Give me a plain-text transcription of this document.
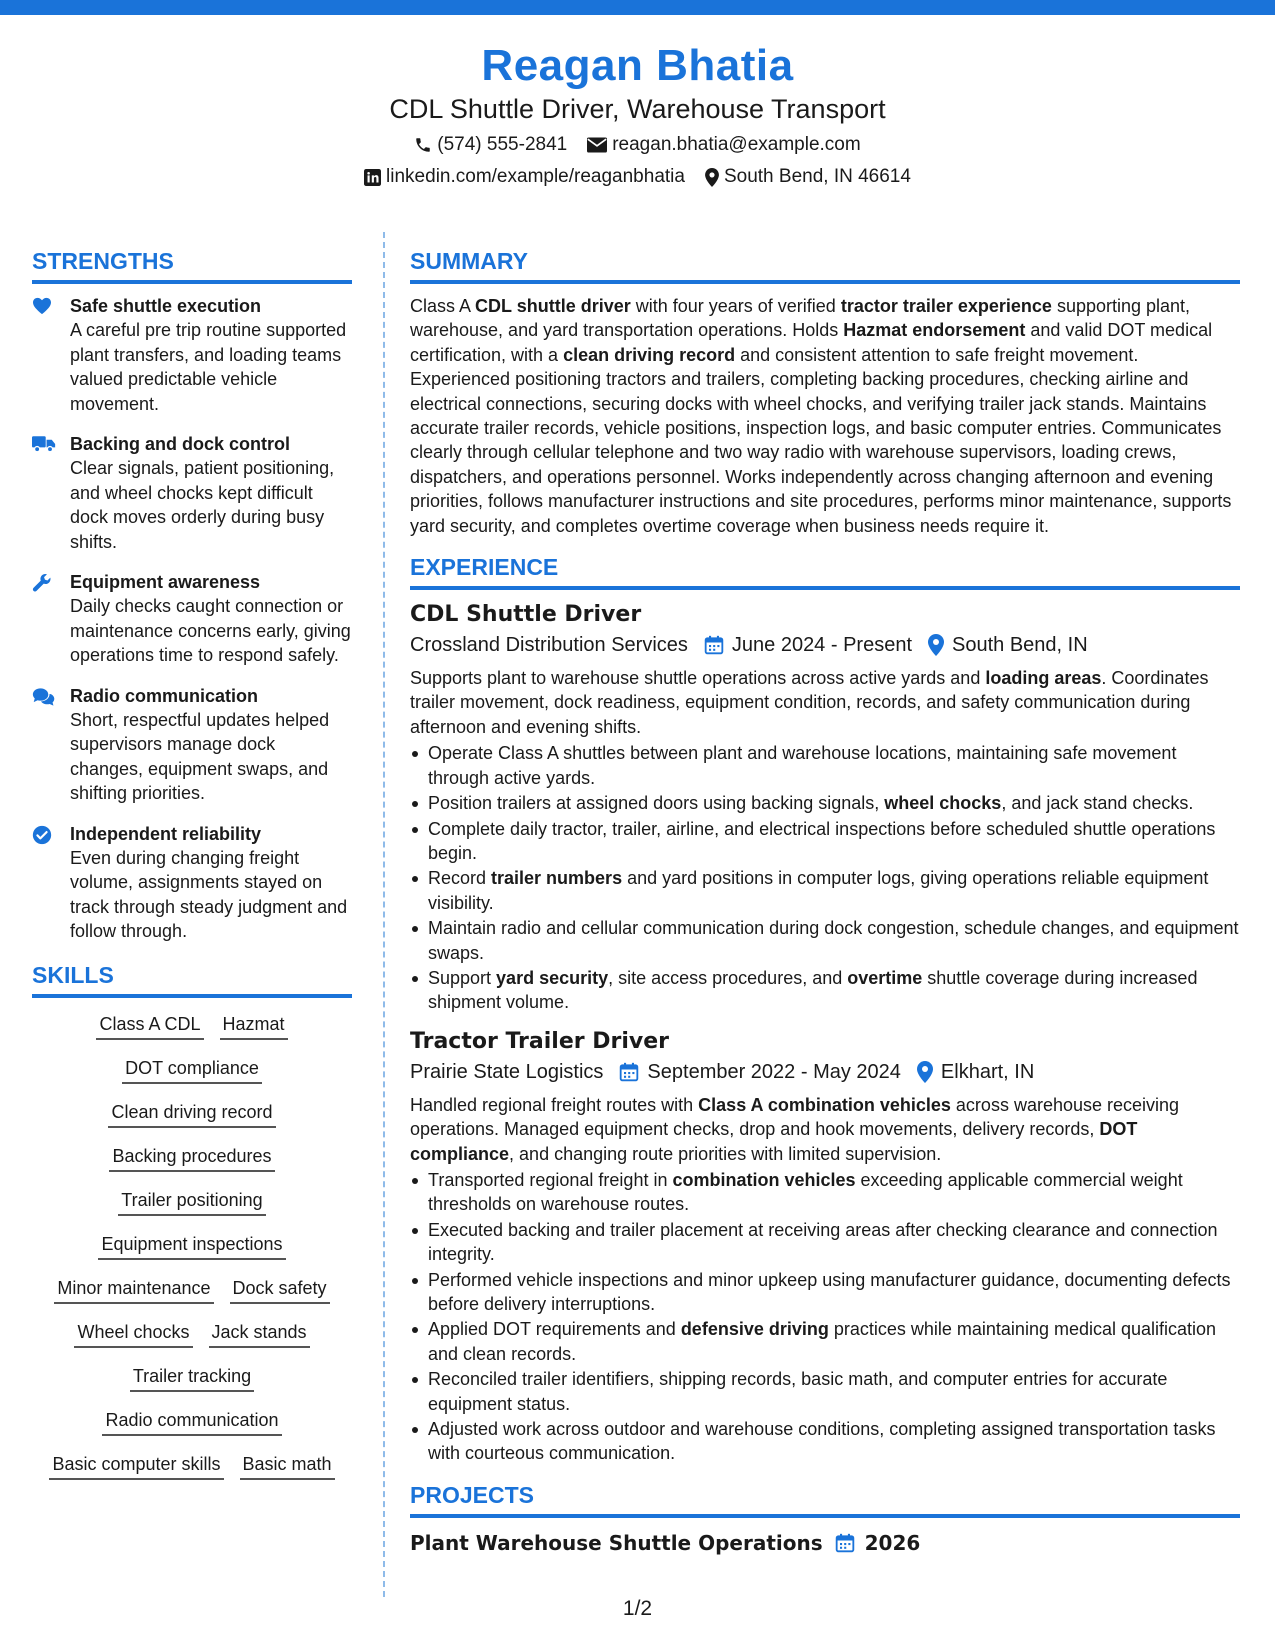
Reagan Bhatia
CDL Shuttle Driver, Warehouse Transport
(574) 555-2841 reagan.bhatia@example.com
linkedin.com/example/reaganbhatia South Bend, IN 46614
STRENGTHS
Safe shuttle execution
A careful pre trip routine supported plant transfers, and loading teams valued predictable vehicle movement.
Backing and dock control
Clear signals, patient positioning, and wheel chocks kept difficult dock moves orderly during busy shifts.
Equipment awareness
Daily checks caught connection or maintenance concerns early, giving operations time to respond safely.
Radio communication
Short, respectful updates helped supervisors manage dock changes, equipment swaps, and shifting priorities.
Independent reliability
Even during changing freight volume, assignments stayed on track through steady judgment and follow through.
SKILLS
Class A CDL Hazmat
DOT compliance
Clean driving record
Backing procedures
Trailer positioning
Equipment inspections
Minor maintenance Dock safety
Wheel chocks Jack stands
Trailer tracking
Radio communication
Basic computer skills Basic math
SUMMARY
Class A CDL shuttle driver with four years of verified tractor trailer experience supporting plant, warehouse, and yard transportation operations. Holds Hazmat endorsement and valid DOT medical certification, with a clean driving record and consistent attention to safe freight movement. Experienced positioning tractors and trailers, completing backing procedures, checking airline and electrical connections, securing docks with wheel chocks, and verifying trailer jack stands. Maintains accurate trailer records, vehicle positions, inspection logs, and basic computer entries. Communicates clearly through cellular telephone and two way radio with warehouse supervisors, loading crews, dispatchers, and operations personnel. Works independently across changing afternoon and evening priorities, follows manufacturer instructions and site procedures, performs minor maintenance, supports yard security, and completes overtime coverage when business needs require it.
EXPERIENCE
CDL Shuttle Driver
Crossland Distribution Services June 2024 - Present South Bend, IN
Supports plant to warehouse shuttle operations across active yards and loading areas. Coordinates trailer movement, dock readiness, equipment condition, records, and safety communication during afternoon and evening shifts.
Operate Class A shuttles between plant and warehouse locations, maintaining safe movement through active yards.
Position trailers at assigned doors using backing signals, wheel chocks, and jack stand checks.
Complete daily tractor, trailer, airline, and electrical inspections before scheduled shuttle operations begin.
Record trailer numbers and yard positions in computer logs, giving operations reliable equipment visibility.
Maintain radio and cellular communication during dock congestion, schedule changes, and equipment swaps.
Support yard security, site access procedures, and overtime shuttle coverage during increased shipment volume.
Tractor Trailer Driver
Prairie State Logistics September 2022 - May 2024 Elkhart, IN
Handled regional freight routes with Class A combination vehicles across warehouse receiving operations. Managed equipment checks, drop and hook movements, delivery records, DOT compliance, and changing route priorities with limited supervision.
Transported regional freight in combination vehicles exceeding applicable commercial weight thresholds on warehouse routes.
Executed backing and trailer placement at receiving areas after checking clearance and connection integrity.
Performed vehicle inspections and minor upkeep using manufacturer guidance, documenting defects before delivery interruptions.
Applied DOT requirements and defensive driving practices while maintaining medical qualification and clean records.
Reconciled trailer identifiers, shipping records, basic math, and computer entries for accurate equipment status.
Adjusted work across outdoor and warehouse conditions, completing assigned transportation tasks with courteous communication.
PROJECTS
Plant Warehouse Shuttle Operations 2026
1/2
